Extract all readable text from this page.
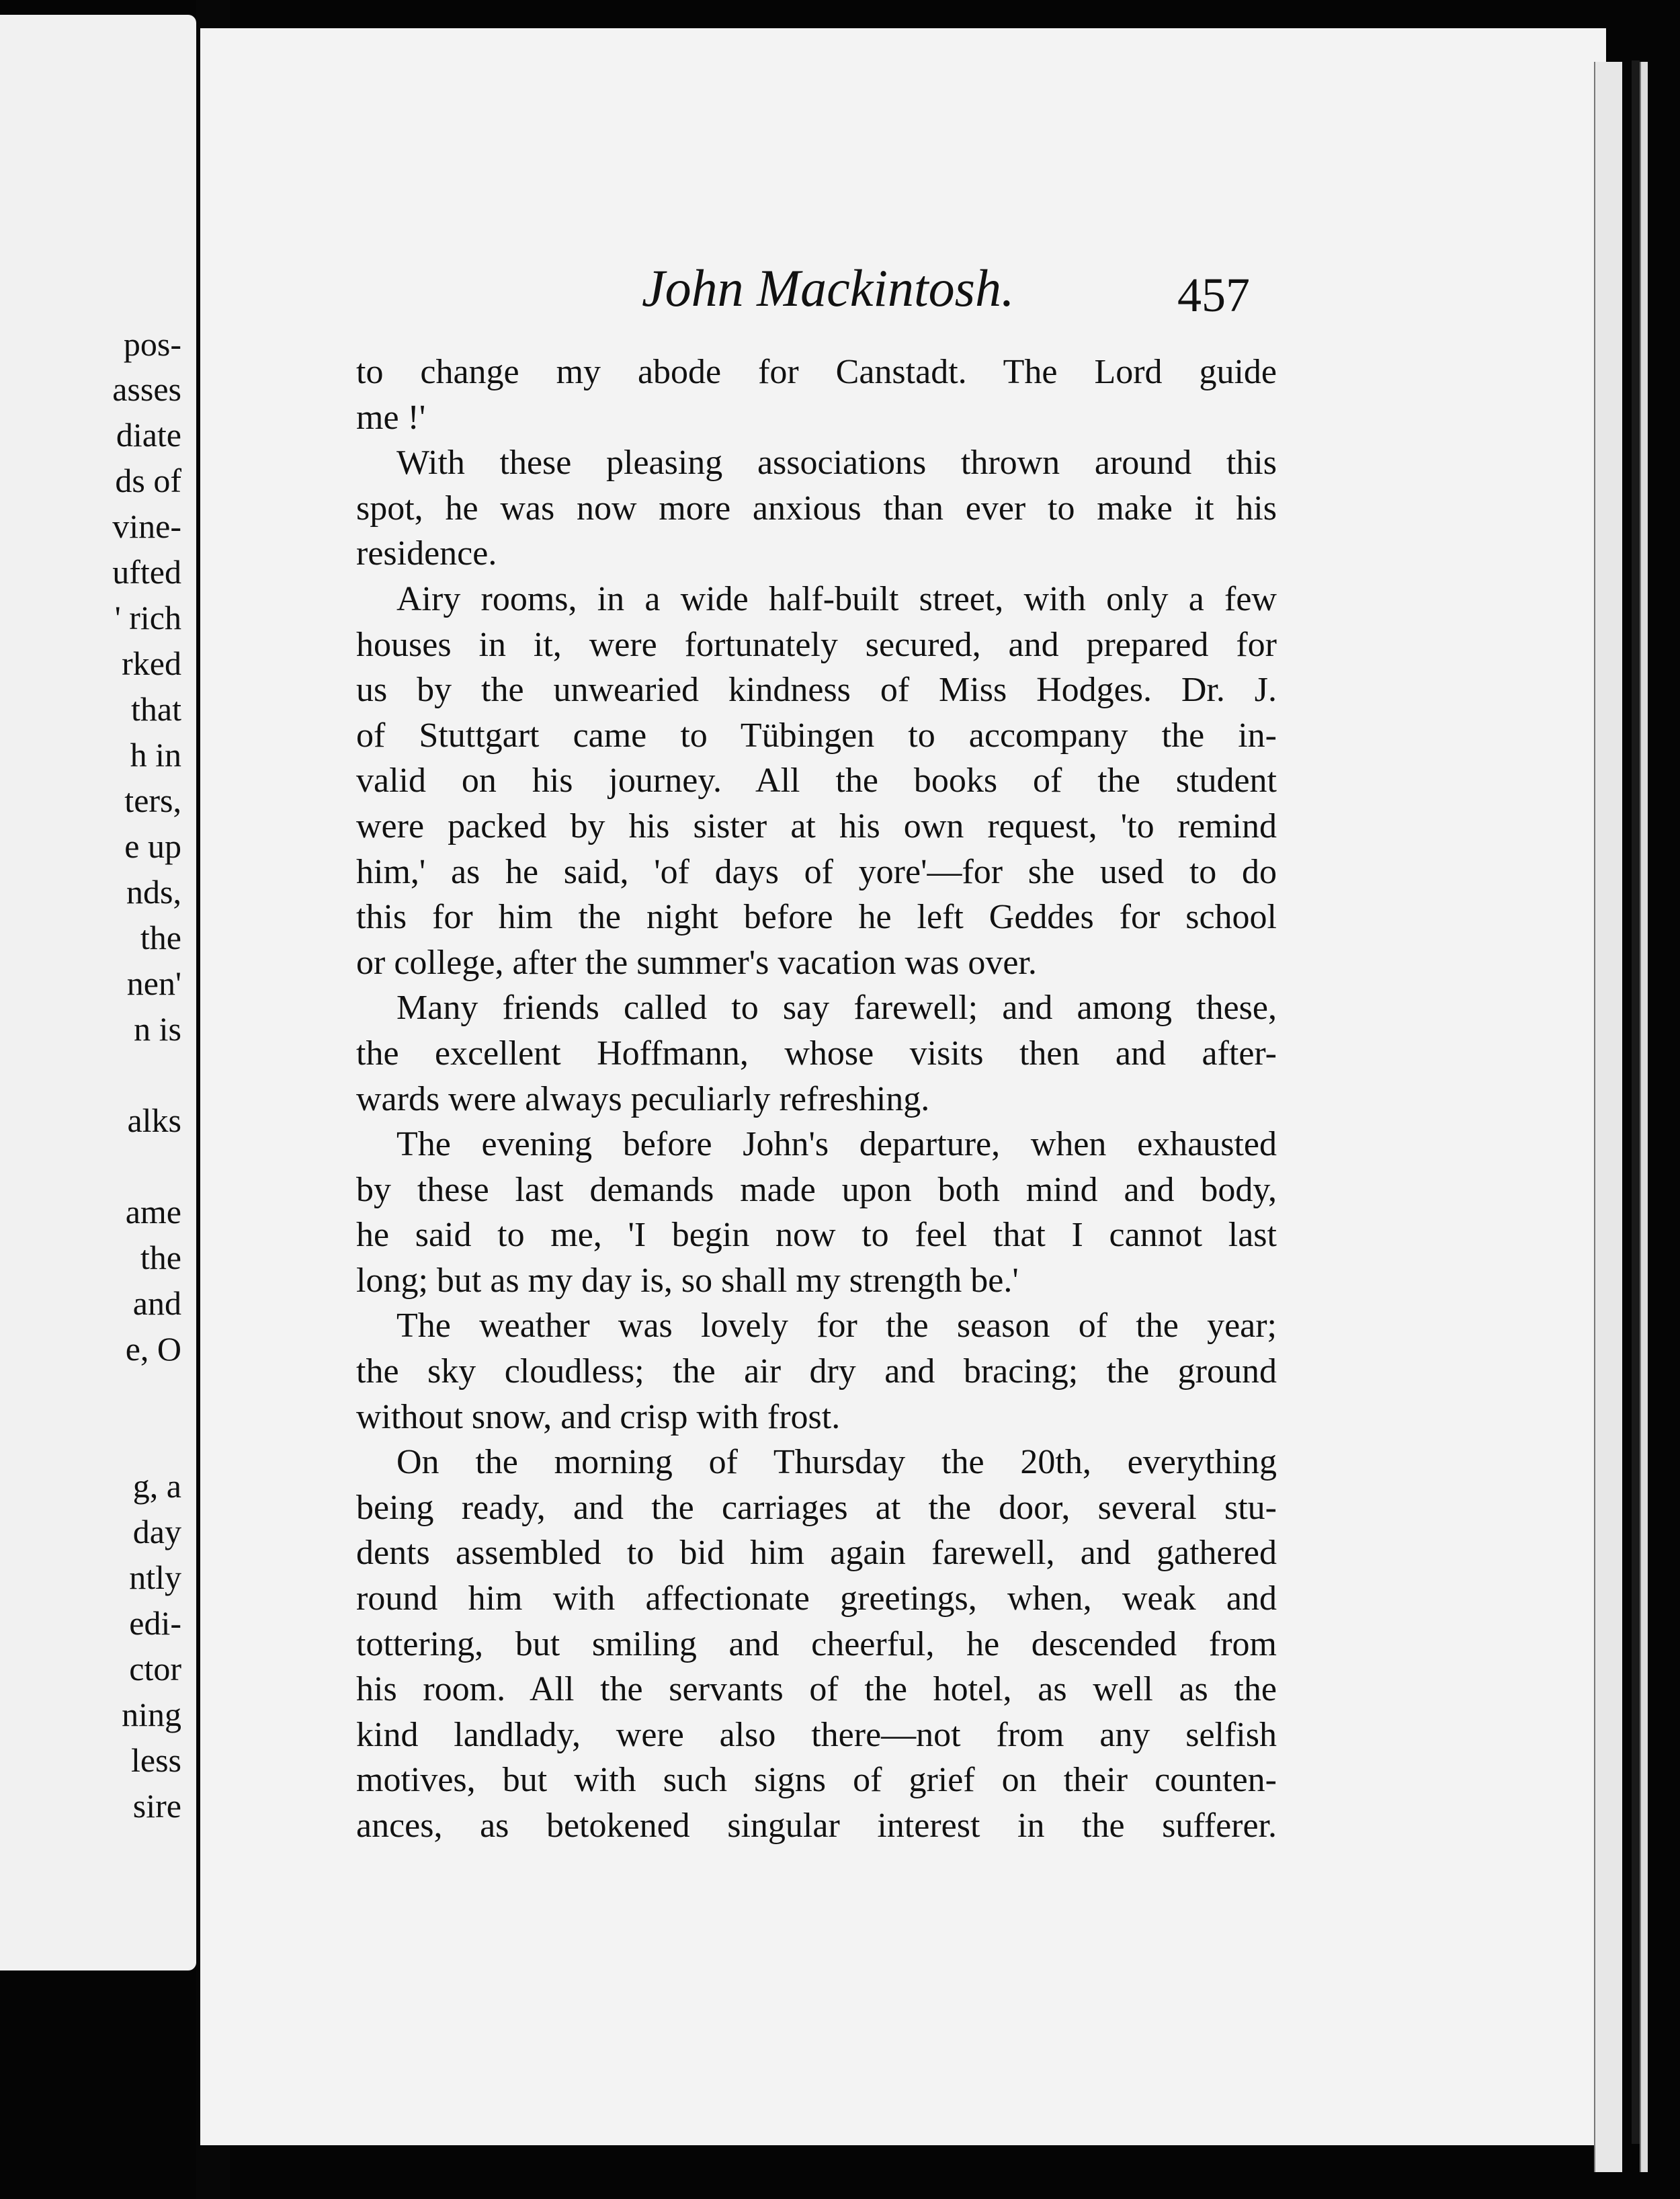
pos-
asses
diate
ds of
vine-
ufted
' rich
rked
that
h in
ters,
e up
nds,
the
nen'
n is
alks
ame
the
and
e, O
g, a
day
ntly
edi-
ctor
ning
less
sire
John Mackintosh.	457
to change my abode for Canstadt. The Lord guide
me !'
With these pleasing associations thrown around this
spot, he was now more anxious than ever to make it his
residence.
Airy rooms, in a wide half-built street, with only a few
houses in it, were fortunately secured, and prepared for
us by the unwearied kindness of Miss Hodges. Dr. J.
of Stuttgart came to Tübingen to accompany the in-
valid on his journey. All the books of the student
were packed by his sister at his own request, 'to remind
him,' as he said, 'of days of yore'—for she used to do
this for him the night before he left Geddes for school
or college, after the summer's vacation was over.
Many friends called to say farewell; and among these,
the excellent Hoffmann, whose visits then and after-
wards were always peculiarly refreshing.
The evening before John's departure, when exhausted
by these last demands made upon both mind and body,
he said to me, 'I begin now to feel that I cannot last
long; but as my day is, so shall my strength be.'
The weather was lovely for the season of the year;
the sky cloudless; the air dry and bracing; the ground
without snow, and crisp with frost.
On the morning of Thursday the 20th, everything
being ready, and the carriages at the door, several stu-
dents assembled to bid him again farewell, and gathered
round him with affectionate greetings, when, weak and
tottering, but smiling and cheerful, he descended from
his room. All the servants of the hotel, as well as the
kind landlady, were also there—not from any selfish
motives, but with such signs of grief on their counten-
ances, as betokened singular interest in the sufferer.
